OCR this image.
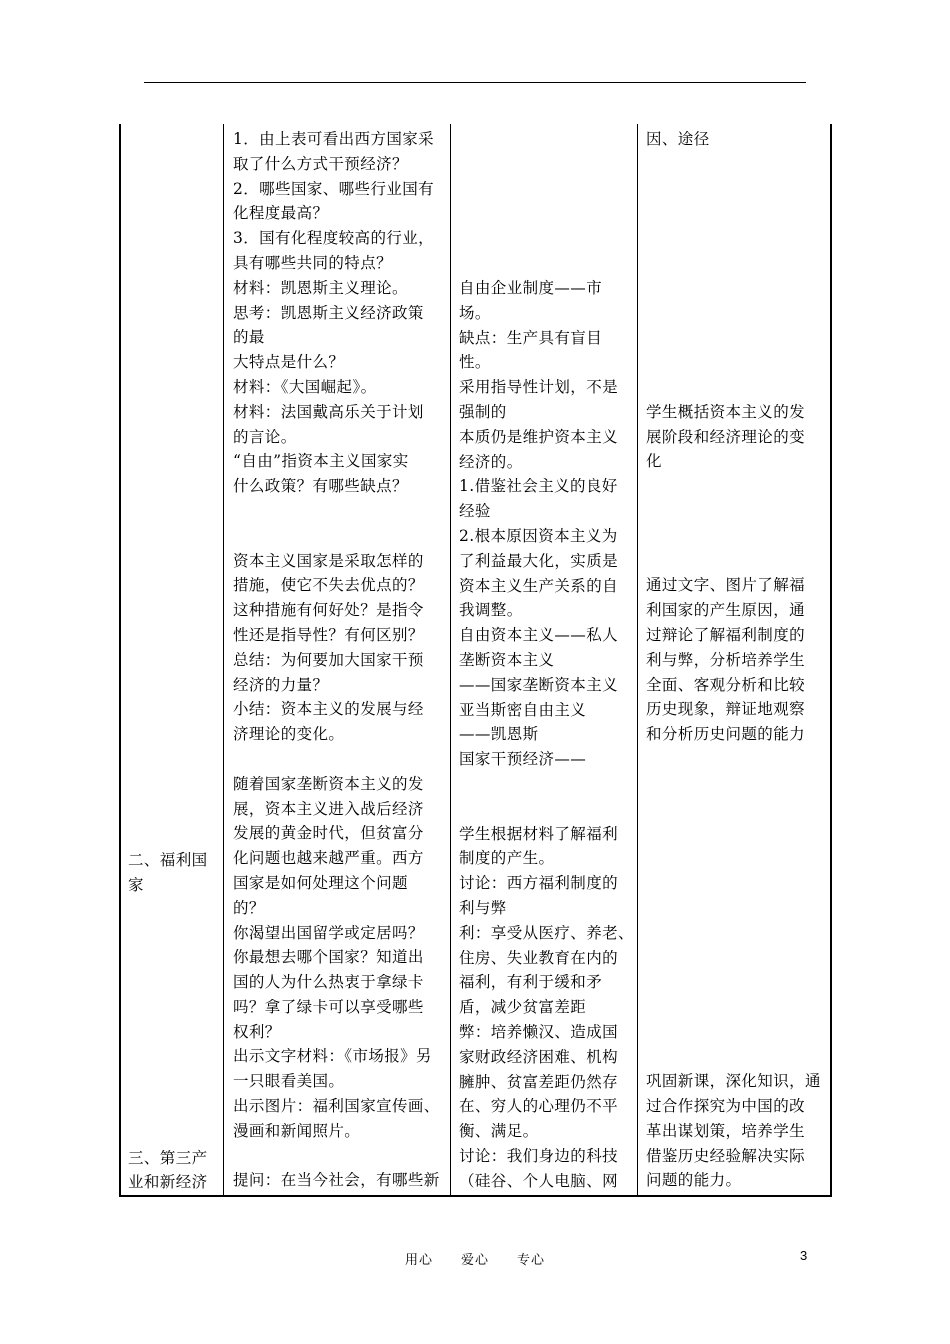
二、福利国
家

三、第三产
业和新经济
1．由上表可看出西方国家采
取了什么方式干预经济？
2．哪些国家、哪些行业国有
化程度最高？
3．国有化程度较高的行业，
具有哪些共同的特点？
材料：凯恩斯主义理论。
思考：凯恩斯主义经济政策
的最
大特点是什么？
材料：《大国崛起》。
材料：法国戴高乐关于计划
的言论。
“自由”指资本主义国家实
什么政策？有哪些缺点？

资本主义国家是采取怎样的
措施，使它不失去优点的？
这种措施有何好处？是指令
性还是指导性？有何区别？
总结：为何要加大国家干预
经济的力量？
小结：资本主义的发展与经
济理论的变化。

随着国家垄断资本主义的发
展，资本主义进入战后经济
发展的黄金时代，但贫富分
化问题也越来越严重。西方
国家是如何处理这个问题
的？
你渴望出国留学或定居吗？
你最想去哪个国家？知道出
国的人为什么热衷于拿绿卡
吗？拿了绿卡可以享受哪些
权利？
出示文字材料：《市场报》另
一只眼看美国。
出示图片：福利国家宣传画、
漫画和新闻照片。

提问：在当今社会，有哪些新
自由企业制度——市
场。
缺点：生产具有盲目
性。
采用指导性计划，不是
强制的
本质仍是维护资本主义
经济的。
1.借鉴社会主义的良好
经验
2.根本原因资本主义为
了利益最大化，实质是
资本主义生产关系的自
我调整。
自由资本主义——私人
垄断资本主义
——国家垄断资本主义
亚当斯密自由主义
——凯恩斯
国家干预经济——

学生根据材料了解福利
制度的产生。
讨论：西方福利制度的
利与弊
利：享受从医疗、养老、
住房、失业教育在内的
福利，有利于缓和矛
盾，减少贫富差距
弊：培养懒汉、造成国
家财政经济困难、机构
臃肿、贫富差距仍然存
在、穷人的心理仍不平
衡、满足。
讨论：我们身边的科技
（硅谷、个人电脑、网
因、途径

学生概括资本主义的发
展阶段和经济理论的变
化

通过文字、图片了解福
利国家的产生原因，通
过辩论了解福利制度的
利与弊，分析培养学生
全面、客观分析和比较
历史现象，辩证地观察
和分析历史问题的能力

巩固新课，深化知识，通
过合作探究为中国的改
革出谋划策，培养学生
借鉴历史经验解决实际
问题的能力。
用心　　爱心　　专心	3
